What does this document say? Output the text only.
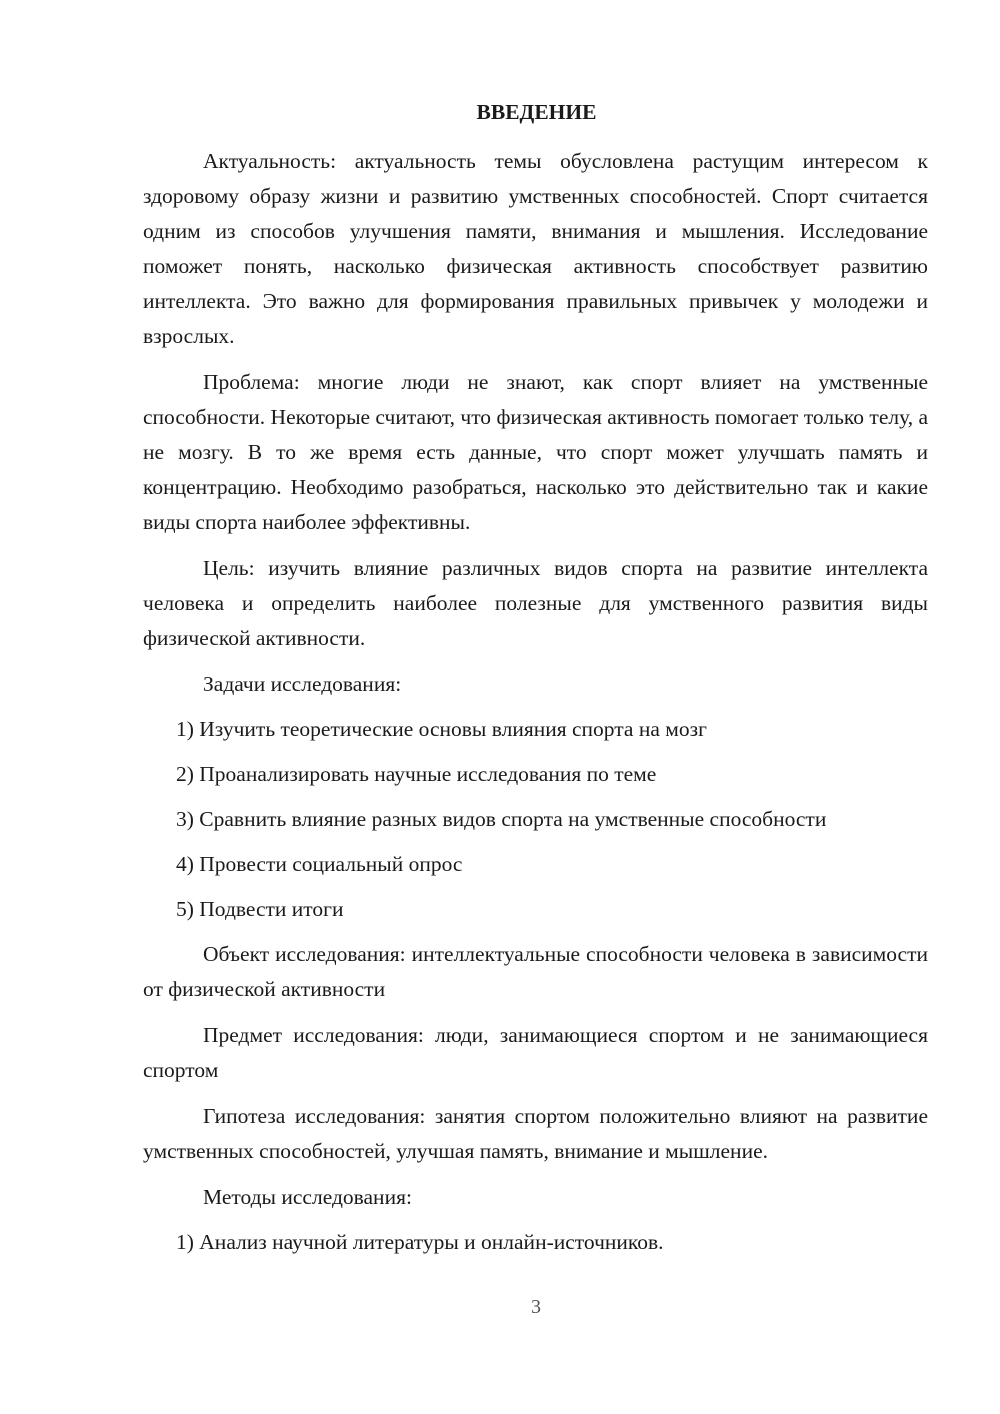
ВВЕДЕНИЕ

Актуальность: актуальность темы обусловлена растущим интересом к здоровому образу жизни и развитию умственных способностей. Спорт считается одним из способов улучшения памяти, внимания и мышления. Исследование поможет понять, насколько физическая активность способствует развитию интеллекта. Это важно для формирования правильных привычек у молодежи и взрослых.

Проблема: многие люди не знают, как спорт влияет на умственные способности. Некоторые считают, что физическая активность помогает только телу, а не мозгу. В то же время есть данные, что спорт может улучшать память и концентрацию. Необходимо разобраться, насколько это действительно так и какие виды спорта наиболее эффективны.

Цель: изучить влияние различных видов спорта на развитие интеллекта человека и определить наиболее полезные для умственного развития виды физической активности.

Задачи исследования:

1) Изучить теоретические основы влияния спорта на мозг
2) Проанализировать научные исследования по теме
3) Сравнить влияние разных видов спорта на умственные способности
4) Провести социальный опрос
5) Подвести итоги

Объект исследования: интеллектуальные способности человека в зависимости от физической активности

Предмет исследования: люди, занимающиеся спортом и не занимающиеся спортом

Гипотеза исследования: занятия спортом положительно влияют на развитие умственных способностей, улучшая память, внимание и мышление.

Методы исследования:

1) Анализ научной литературы и онлайн-источников.
3
